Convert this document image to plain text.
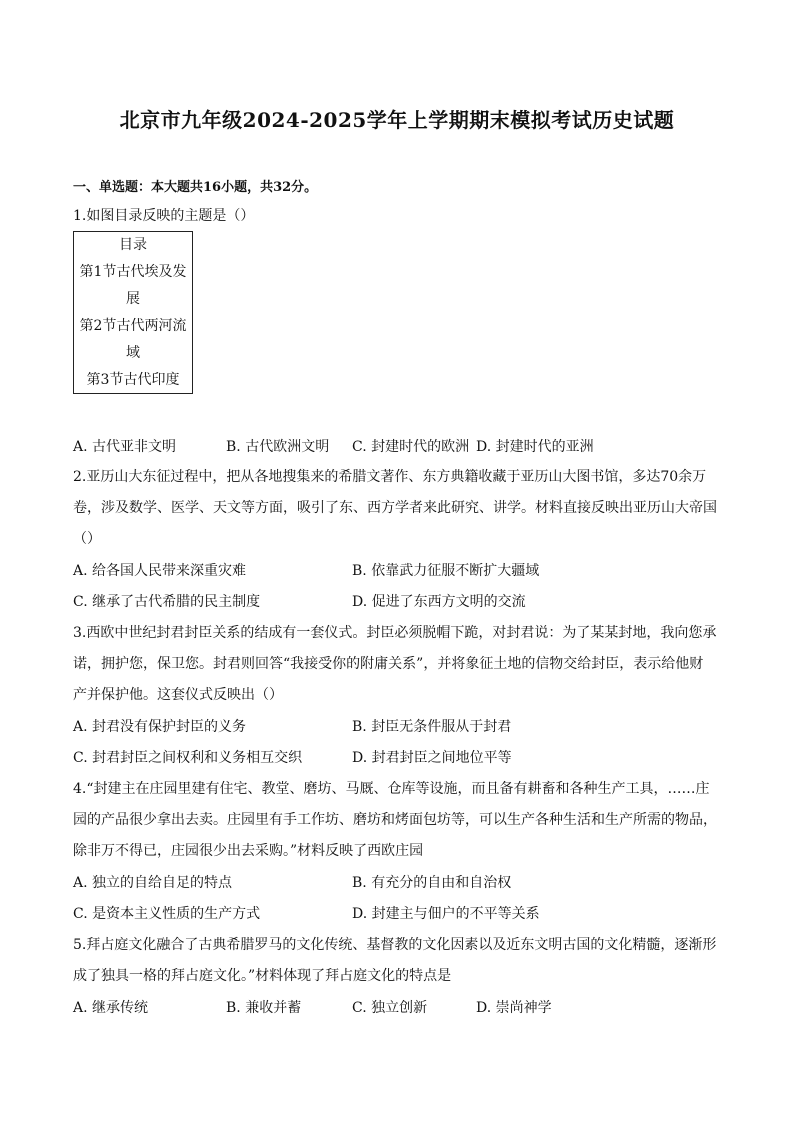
北京市九年级2024-2025学年上学期期末模拟考试历史试题
一、单选题：本大题共16小题，共32分。
1.如图目录反映的主题是（）
目录
第1节古代埃及发
展
第2节古代两河流
域
第3节古代印度
A. 古代亚非文明	B. 古代欧洲文明 C. 封建时代的欧洲 D. 封建时代的亚洲
2.亚历山大东征过程中，把从各地搜集来的希腊文著作、东方典籍收藏于亚历山大图书馆，多达70余万
卷，涉及数学、医学、天文等方面，吸引了东、西方学者来此研究、讲学。材料直接反映出亚历山大帝国
（）
A. 给各国人民带来深重灾难	B. 依靠武力征服不断扩大疆域
C. 继承了古代希腊的民主制度	D. 促进了东西方文明的交流
3.西欧中世纪封君封臣关系的结成有一套仪式。封臣必须脱帽下跪，对封君说：为了某某封地，我向您承
诺，拥护您，保卫您。封君则回答“我接受你的附庸关系”，并将象征土地的信物交给封臣，表示给他财
产并保护他。这套仪式反映出（）
A. 封君没有保护封臣的义务	B. 封臣无条件服从于封君
C. 封君封臣之间权利和义务相互交织	D. 封君封臣之间地位平等
4.“封建主在庄园里建有住宅、教堂、磨坊、马厩、仓库等设施，而且备有耕畜和各种生产工具，……庄
园的产品很少拿出去卖。庄园里有手工作坊、磨坊和烤面包坊等，可以生产各种生活和生产所需的物品，
除非万不得已，庄园很少出去采购。”材料反映了西欧庄园
A. 独立的自给自足的特点	B. 有充分的自由和自治权
C. 是资本主义性质的生产方式	D. 封建主与佃户的不平等关系
5.拜占庭文化融合了古典希腊罗马的文化传统、基督教的文化因素以及近东文明古国的文化精髓，逐渐形
成了独具一格的拜占庭文化。”材料体现了拜占庭文化的特点是
A. 继承传统	B. 兼收并蓄	C. 独立创新	D. 崇尚神学
